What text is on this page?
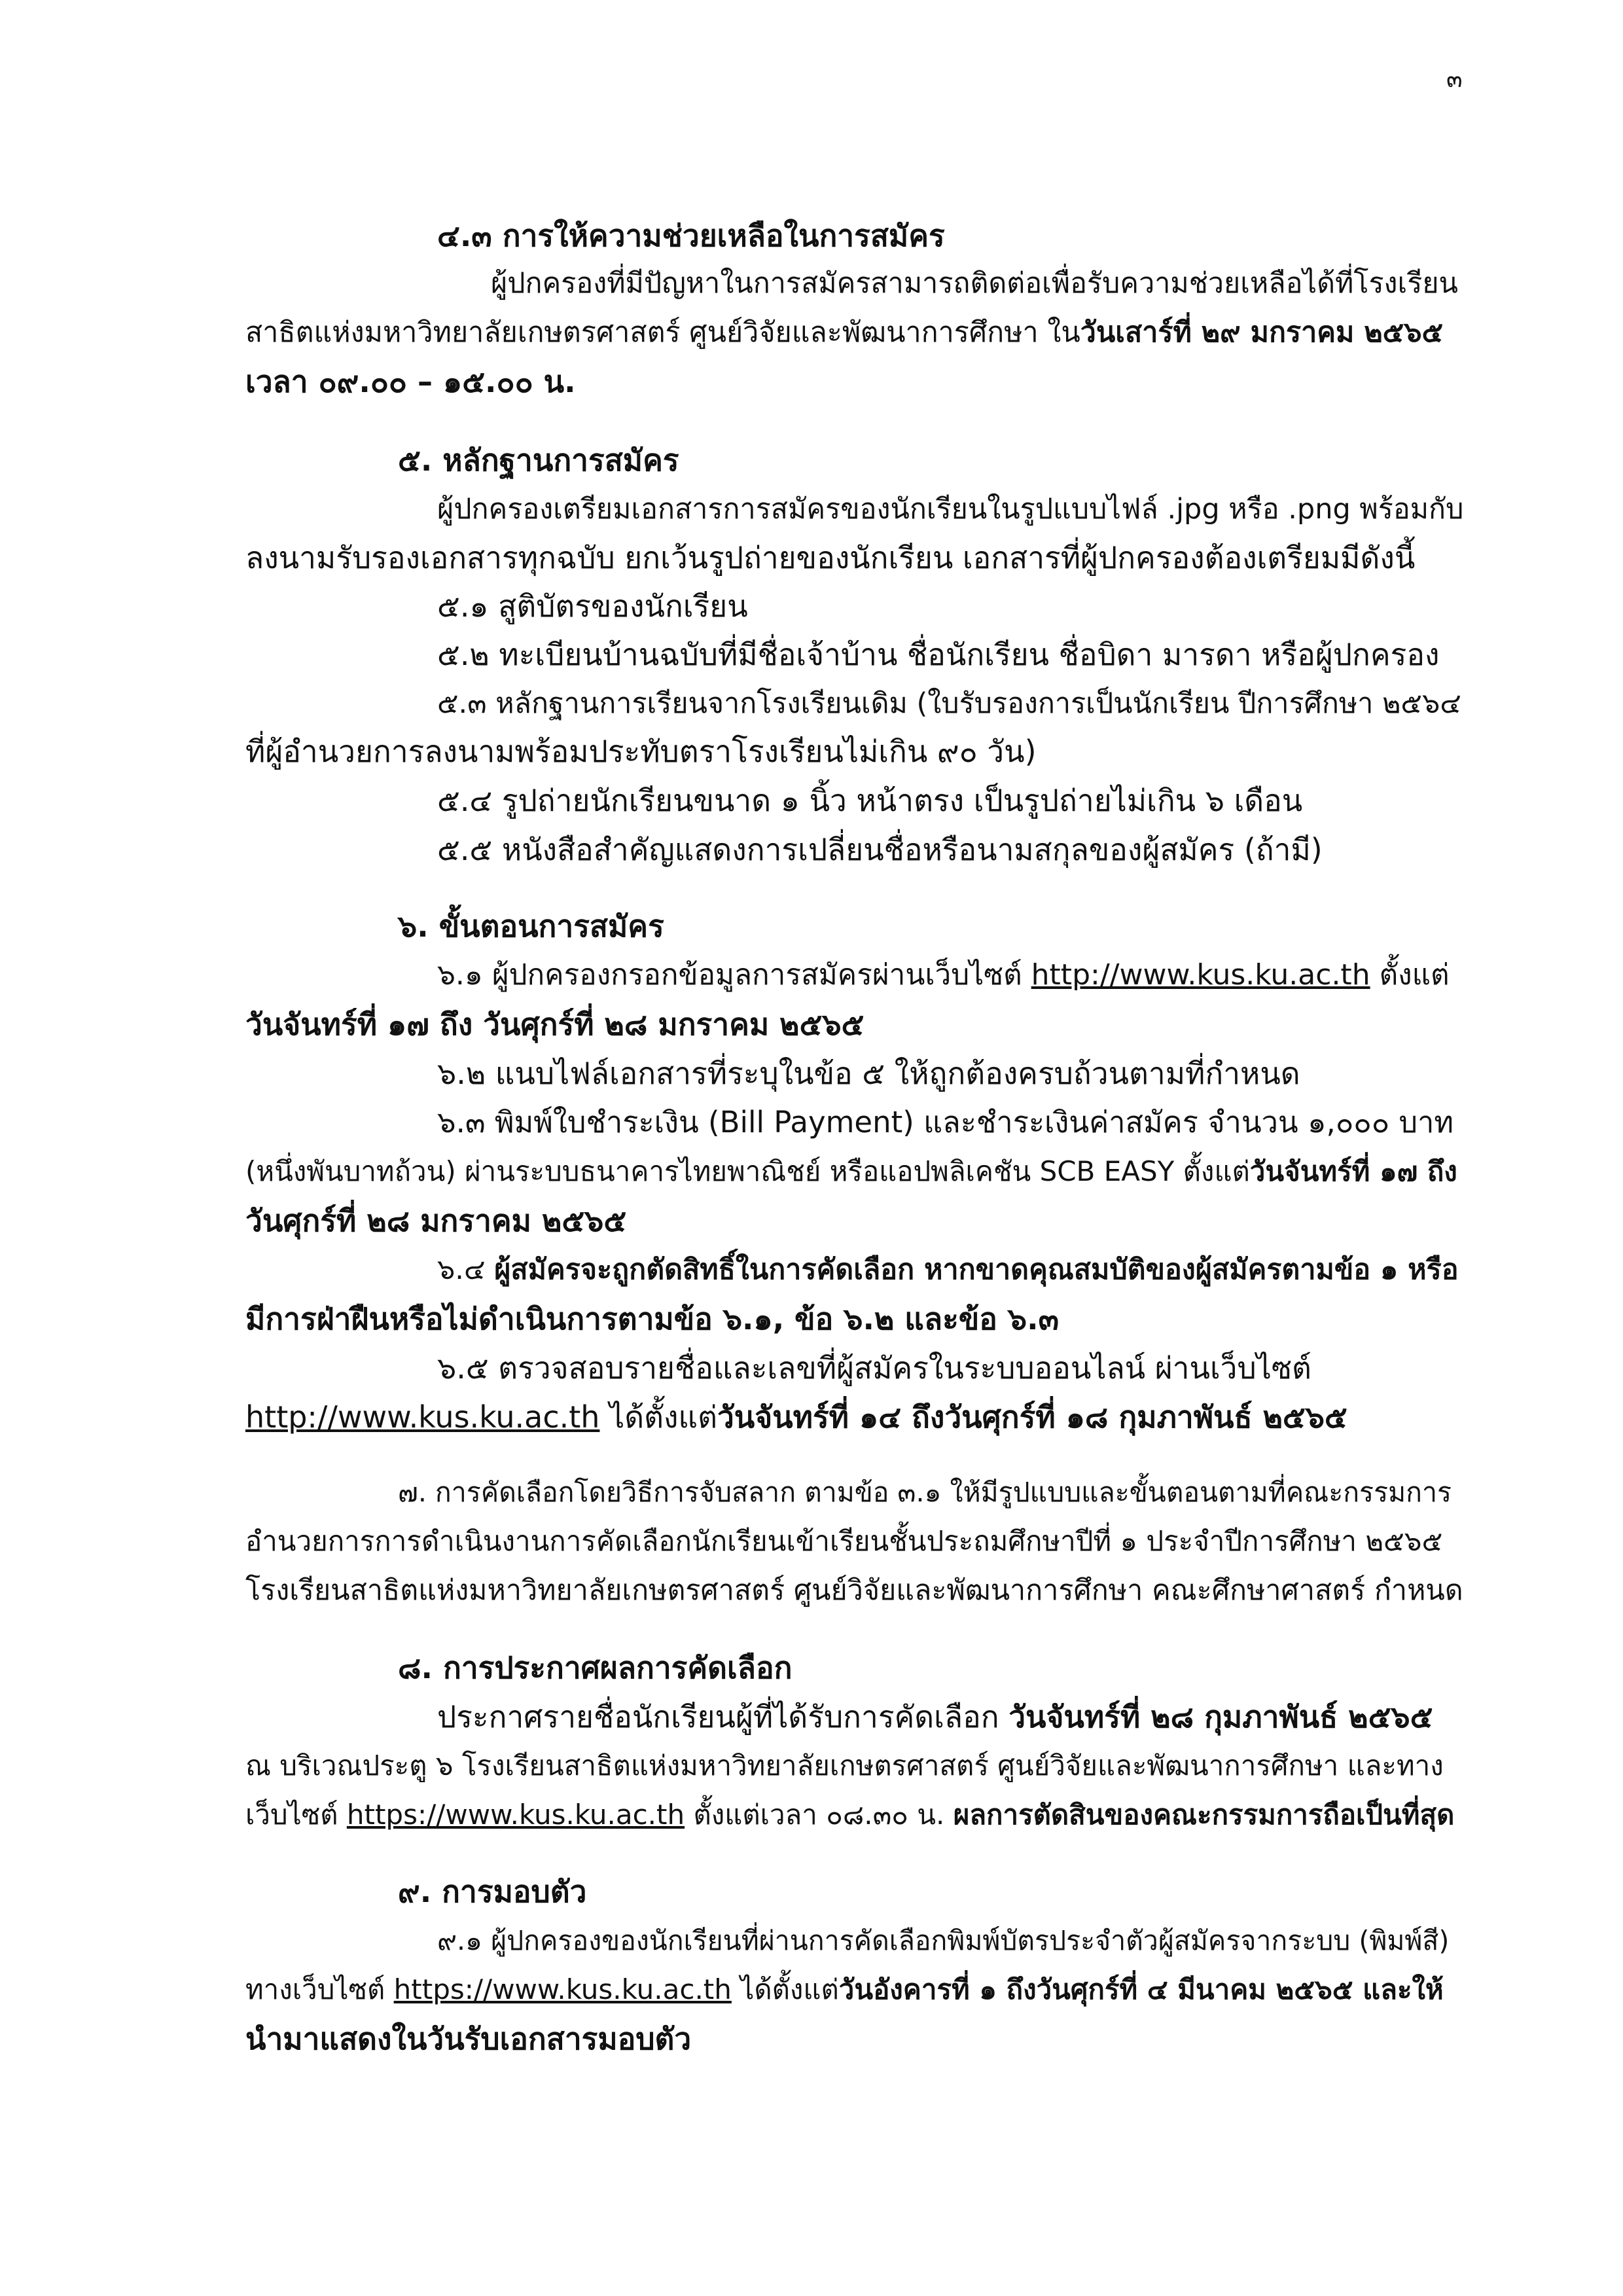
๓
๔.๓ การให้ความช่วยเหลือในการสมัคร
ผู้ปกครองที่มีปัญหาในการสมัครสามารถติดต่อเพื่อรับความช่วยเหลือได้ที่โรงเรียน
สาธิตแห่งมหาวิทยาลัยเกษตรศาสตร์ ศูนย์วิจัยและพัฒนาการศึกษา ในวันเสาร์ที่ ๒๙ มกราคม ๒๕๖๕
เวลา ๐๙.๐๐ – ๑๕.๐๐ น.
๕. หลักฐานการสมัคร
ผู้ปกครองเตรียมเอกสารการสมัครของนักเรียนในรูปแบบไฟล์ .jpg หรือ .png พร้อมกับ
ลงนามรับรองเอกสารทุกฉบับ ยกเว้นรูปถ่ายของนักเรียน เอกสารที่ผู้ปกครองต้องเตรียมมีดังนี้
๕.๑ สูติบัตรของนักเรียน
๕.๒ ทะเบียนบ้านฉบับที่มีชื่อเจ้าบ้าน ชื่อนักเรียน ชื่อบิดา มารดา หรือผู้ปกครอง
๕.๓ หลักฐานการเรียนจากโรงเรียนเดิม (ใบรับรองการเป็นนักเรียน ปีการศึกษา ๒๕๖๔
ที่ผู้อำนวยการลงนามพร้อมประทับตราโรงเรียนไม่เกิน ๙๐ วัน)
๕.๔ รูปถ่ายนักเรียนขนาด ๑ นิ้ว หน้าตรง เป็นรูปถ่ายไม่เกิน ๖ เดือน
๕.๕ หนังสือสำคัญแสดงการเปลี่ยนชื่อหรือนามสกุลของผู้สมัคร (ถ้ามี)
๖. ขั้นตอนการสมัคร
๖.๑ ผู้ปกครองกรอกข้อมูลการสมัครผ่านเว็บไซต์ http://www.kus.ku.ac.th ตั้งแต่
วันจันทร์ที่ ๑๗ ถึง วันศุกร์ที่ ๒๘ มกราคม ๒๕๖๕
๖.๒ แนบไฟล์เอกสารที่ระบุในข้อ ๕ ให้ถูกต้องครบถ้วนตามที่กำหนด
๖.๓ พิมพ์ใบชำระเงิน (Bill Payment) และชำระเงินค่าสมัคร จำนวน ๑,๐๐๐ บาท
(หนึ่งพันบาทถ้วน) ผ่านระบบธนาคารไทยพาณิชย์ หรือแอปพลิเคชัน SCB EASY ตั้งแต่วันจันทร์ที่ ๑๗ ถึง
วันศุกร์ที่ ๒๘ มกราคม ๒๕๖๕
๖.๔ ผู้สมัครจะถูกตัดสิทธิ์ในการคัดเลือก หากขาดคุณสมบัติของผู้สมัครตามข้อ ๑ หรือ
มีการฝ่าฝืนหรือไม่ดำเนินการตามข้อ ๖.๑, ข้อ ๖.๒ และข้อ ๖.๓
๖.๕ ตรวจสอบรายชื่อและเลขที่ผู้สมัครในระบบออนไลน์ ผ่านเว็บไซต์
http://www.kus.ku.ac.th ได้ตั้งแต่วันจันทร์ที่ ๑๔ ถึงวันศุกร์ที่ ๑๘ กุมภาพันธ์ ๒๕๖๕
๗. การคัดเลือกโดยวิธีการจับสลาก ตามข้อ ๓.๑ ให้มีรูปแบบและขั้นตอนตามที่คณะกรรมการ
อำนวยการการดำเนินงานการคัดเลือกนักเรียนเข้าเรียนชั้นประถมศึกษาปีที่ ๑ ประจำปีการศึกษา ๒๕๖๕
โรงเรียนสาธิตแห่งมหาวิทยาลัยเกษตรศาสตร์ ศูนย์วิจัยและพัฒนาการศึกษา คณะศึกษาศาสตร์ กำหนด
๘. การประกาศผลการคัดเลือก
ประกาศรายชื่อนักเรียนผู้ที่ได้รับการคัดเลือก วันจันทร์ที่ ๒๘ กุมภาพันธ์ ๒๕๖๕
ณ บริเวณประตู ๖ โรงเรียนสาธิตแห่งมหาวิทยาลัยเกษตรศาสตร์ ศูนย์วิจัยและพัฒนาการศึกษา และทาง
เว็บไซต์ https://www.kus.ku.ac.th ตั้งแต่เวลา ๐๘.๓๐ น. ผลการตัดสินของคณะกรรมการถือเป็นที่สุด
๙. การมอบตัว
๙.๑ ผู้ปกครองของนักเรียนที่ผ่านการคัดเลือกพิมพ์บัตรประจำตัวผู้สมัครจากระบบ (พิมพ์สี)
ทางเว็บไซต์ https://www.kus.ku.ac.th ได้ตั้งแต่วันอังคารที่ ๑ ถึงวันศุกร์ที่ ๔ มีนาคม ๒๕๖๕ และให้
นำมาแสดงในวันรับเอกสารมอบตัว
